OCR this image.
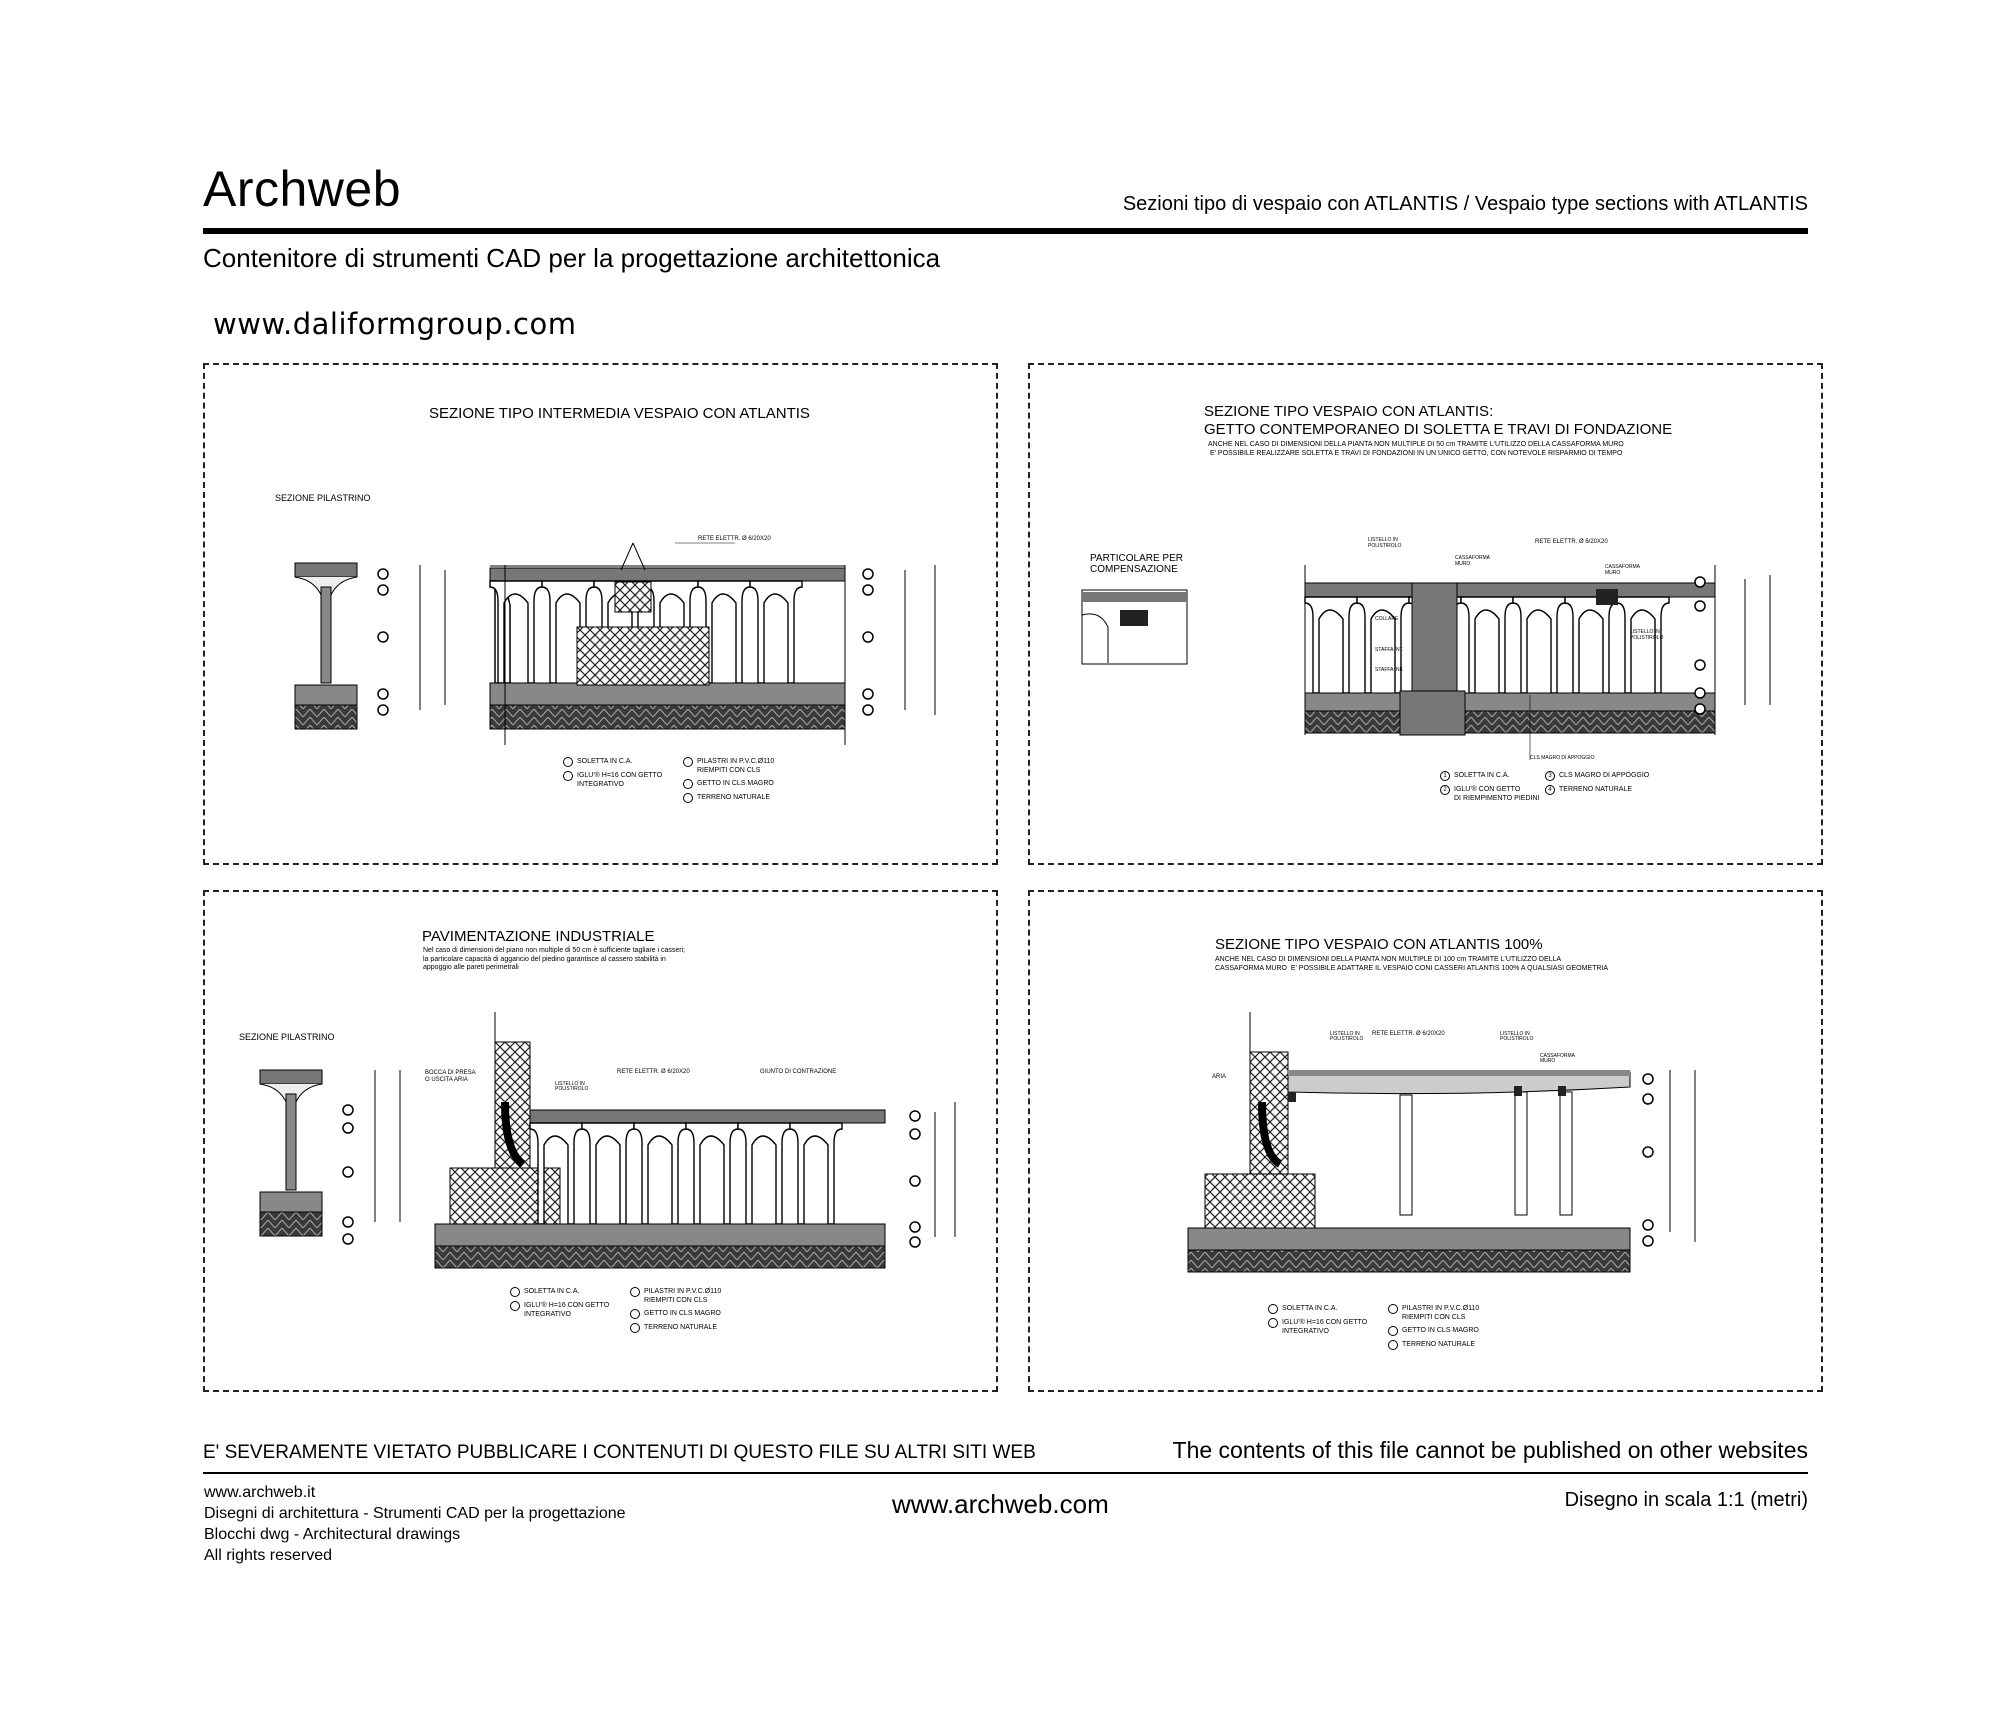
Archweb	Sezioni tipo di vespaio con ATLANTIS / Vespaio type sections with ATLANTIS
Contenitore di strumenti CAD per la progettazione architettonica
www.daliformgroup.com
SEZIONE TIPO INTERMEDIA VESPAIO CON ATLANTIS
SEZIONE PILASTRINO
RETE ELETTR. Ø 6/20X20
SOLETTA IN C.A.
IGLU'® H=16 CON GETTO
INTEGRATIVO
PILASTRI IN P.V.C.Ø110
RIEMPITI CON CLS
GETTO IN CLS MAGRO
TERRENO NATURALE
SEZIONE TIPO VESPAIO CON ATLANTIS:
GETTO CONTEMPORANEO DI SOLETTA E TRAVI DI FONDAZIONE
ANCHE NEL CASO DI DIMENSIONI DELLA PIANTA NON MULTIPLE DI 50 cm TRAMITE L'UTILIZZO DELLA CASSAFORMA MURO
E' POSSIBILE REALIZZARE SOLETTA E TRAVI DI FONDAZIONI IN UN UNICO GETTO, CON NOTEVOLE RISPARMIO DI TEMPO
PARTICOLARE PER
COMPENSAZIONE
RETE ELETTR. Ø 6/20X20
LISTELLO IN
POLISTIROLO
CASSAFORMA
MURO	CASSAFORMA
MURO
LISTELLO IN
POLISTIROLO
COLLARE
STAFFA INT.
STAFFA INF.
CLS MAGRO DI APPOGGIO
1	SOLETTA IN C.A.
2	IGLU'® CON GETTO
DI RIEMPIMENTO PIEDINI
3	CLS MAGRO DI APPOGGIO
4	TERRENO NATURALE
PAVIMENTAZIONE INDUSTRIALE
Nel caso di dimensioni del piano non multiple di 50 cm è sufficiente tagliare i casseri;
la particolare capacità di aggancio del piedino garantisce al cassero stabilità in
appoggio alle pareti perimetrali
SEZIONE PILASTRINO
BOCCA DI PRESA
O USCITA ARIA
RETE ELETTR. Ø 6/20X20	GIUNTO DI CONTRAZIONE
LISTELLO IN
POLISTIROLO
SOLETTA IN C.A.
IGLU'® H=16 CON GETTO
INTEGRATIVO
PILASTRI IN P.V.C.Ø110
RIEMPITI CON CLS
GETTO IN CLS MAGRO
TERRENO NATURALE
SEZIONE TIPO VESPAIO CON ATLANTIS 100%
ANCHE NEL CASO DI DIMENSIONI DELLA PIANTA NON MULTIPLE DI 100 cm TRAMITE L'UTILIZZO DELLA
CASSAFORMA MURO  E' POSSIBILE ADATTARE IL VESPAIO CONI CASSERI ATLANTIS 100% A QUALSIASI GEOMETRIA
ARIA
RETE ELETTR. Ø 6/20X20
LISTELLO IN
POLISTIROLO
LISTELLO IN
POLISTIROLO
CASSAFORMA
MURO
SOLETTA IN C.A.
IGLU'® H=16 CON GETTO
INTEGRATIVO
PILASTRI IN P.V.C.Ø110
RIEMPITI CON CLS
GETTO IN CLS MAGRO
TERRENO NATURALE
E' SEVERAMENTE VIETATO PUBBLICARE I CONTENUTI DI QUESTO FILE SU ALTRI SITI WEB	The contents of this file cannot be published on other websites
www.archweb.it
Disegni di architettura - Strumenti CAD per la progettazione
Blocchi dwg - Architectural drawings
All rights reserved
www.archweb.com	Disegno in scala 1:1 (metri)
